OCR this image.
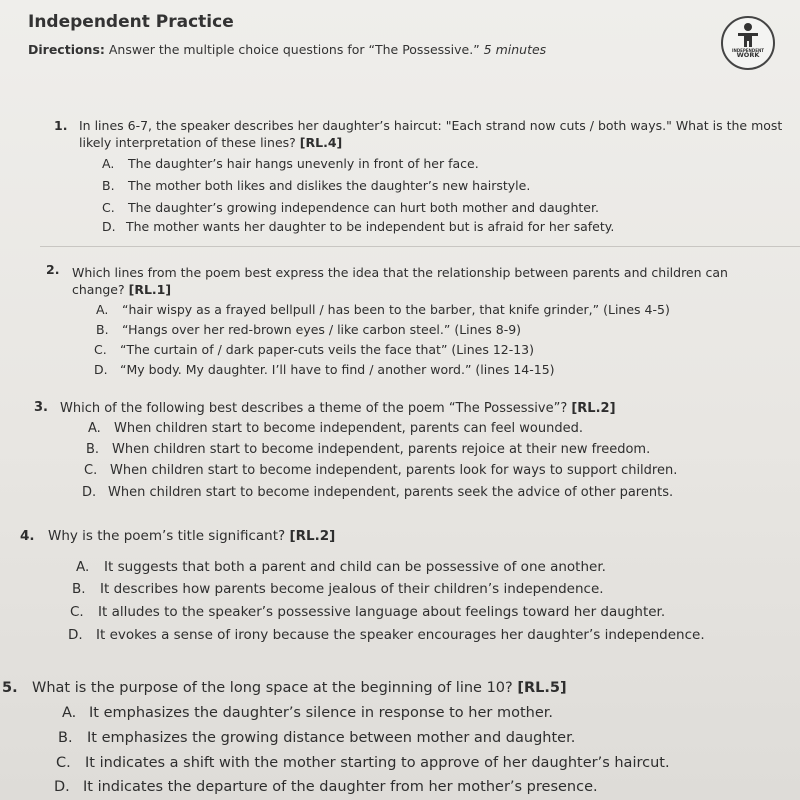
Independent Practice
Directions: Answer the multiple choice questions for “The Possessive.” 5 minutes	INDEPENDENT
WORK
1. In lines 6-7, the speaker describes her daughter’s haircut: "Each strand now cuts / both ways." What is the most
likely interpretation of these lines? [RL.4]
A. The daughter’s hair hangs unevenly in front of her face.
B. The mother both likes and dislikes the daughter’s new hairstyle.
C. The daughter’s growing independence can hurt both mother and daughter.
D. The mother wants her daughter to be independent but is afraid for her safety.
2. Which lines from the poem best express the idea that the relationship between parents and children can
change? [RL.1]
A. “hair wispy as a frayed bellpull / has been to the barber, that knife grinder,” (Lines 4-5)
B. “Hangs over her red-brown eyes / like carbon steel.” (Lines 8-9)
C. “The curtain of / dark paper-cuts veils the face that” (Lines 12-13)
D. “My body. My daughter. I’ll have to find / another word.” (lines 14-15)
3. Which of the following best describes a theme of the poem “The Possessive”? [RL.2]
A. When children start to become independent, parents can feel wounded.
B. When children start to become independent, parents rejoice at their new freedom.
C. When children start to become independent, parents look for ways to support children.
D. When children start to become independent, parents seek the advice of other parents.
4. Why is the poem’s title significant? [RL.2]
A. It suggests that both a parent and child can be possessive of one another.
B. It describes how parents become jealous of their children’s independence.
C. It alludes to the speaker’s possessive language about feelings toward her daughter.
D. It evokes a sense of irony because the speaker encourages her daughter’s independence.
5. What is the purpose of the long space at the beginning of line 10? [RL.5]
A. It emphasizes the daughter’s silence in response to her mother.
B. It emphasizes the growing distance between mother and daughter.
C. It indicates a shift with the mother starting to approve of her daughter’s haircut.
D. It indicates the departure of the daughter from her mother’s presence.
